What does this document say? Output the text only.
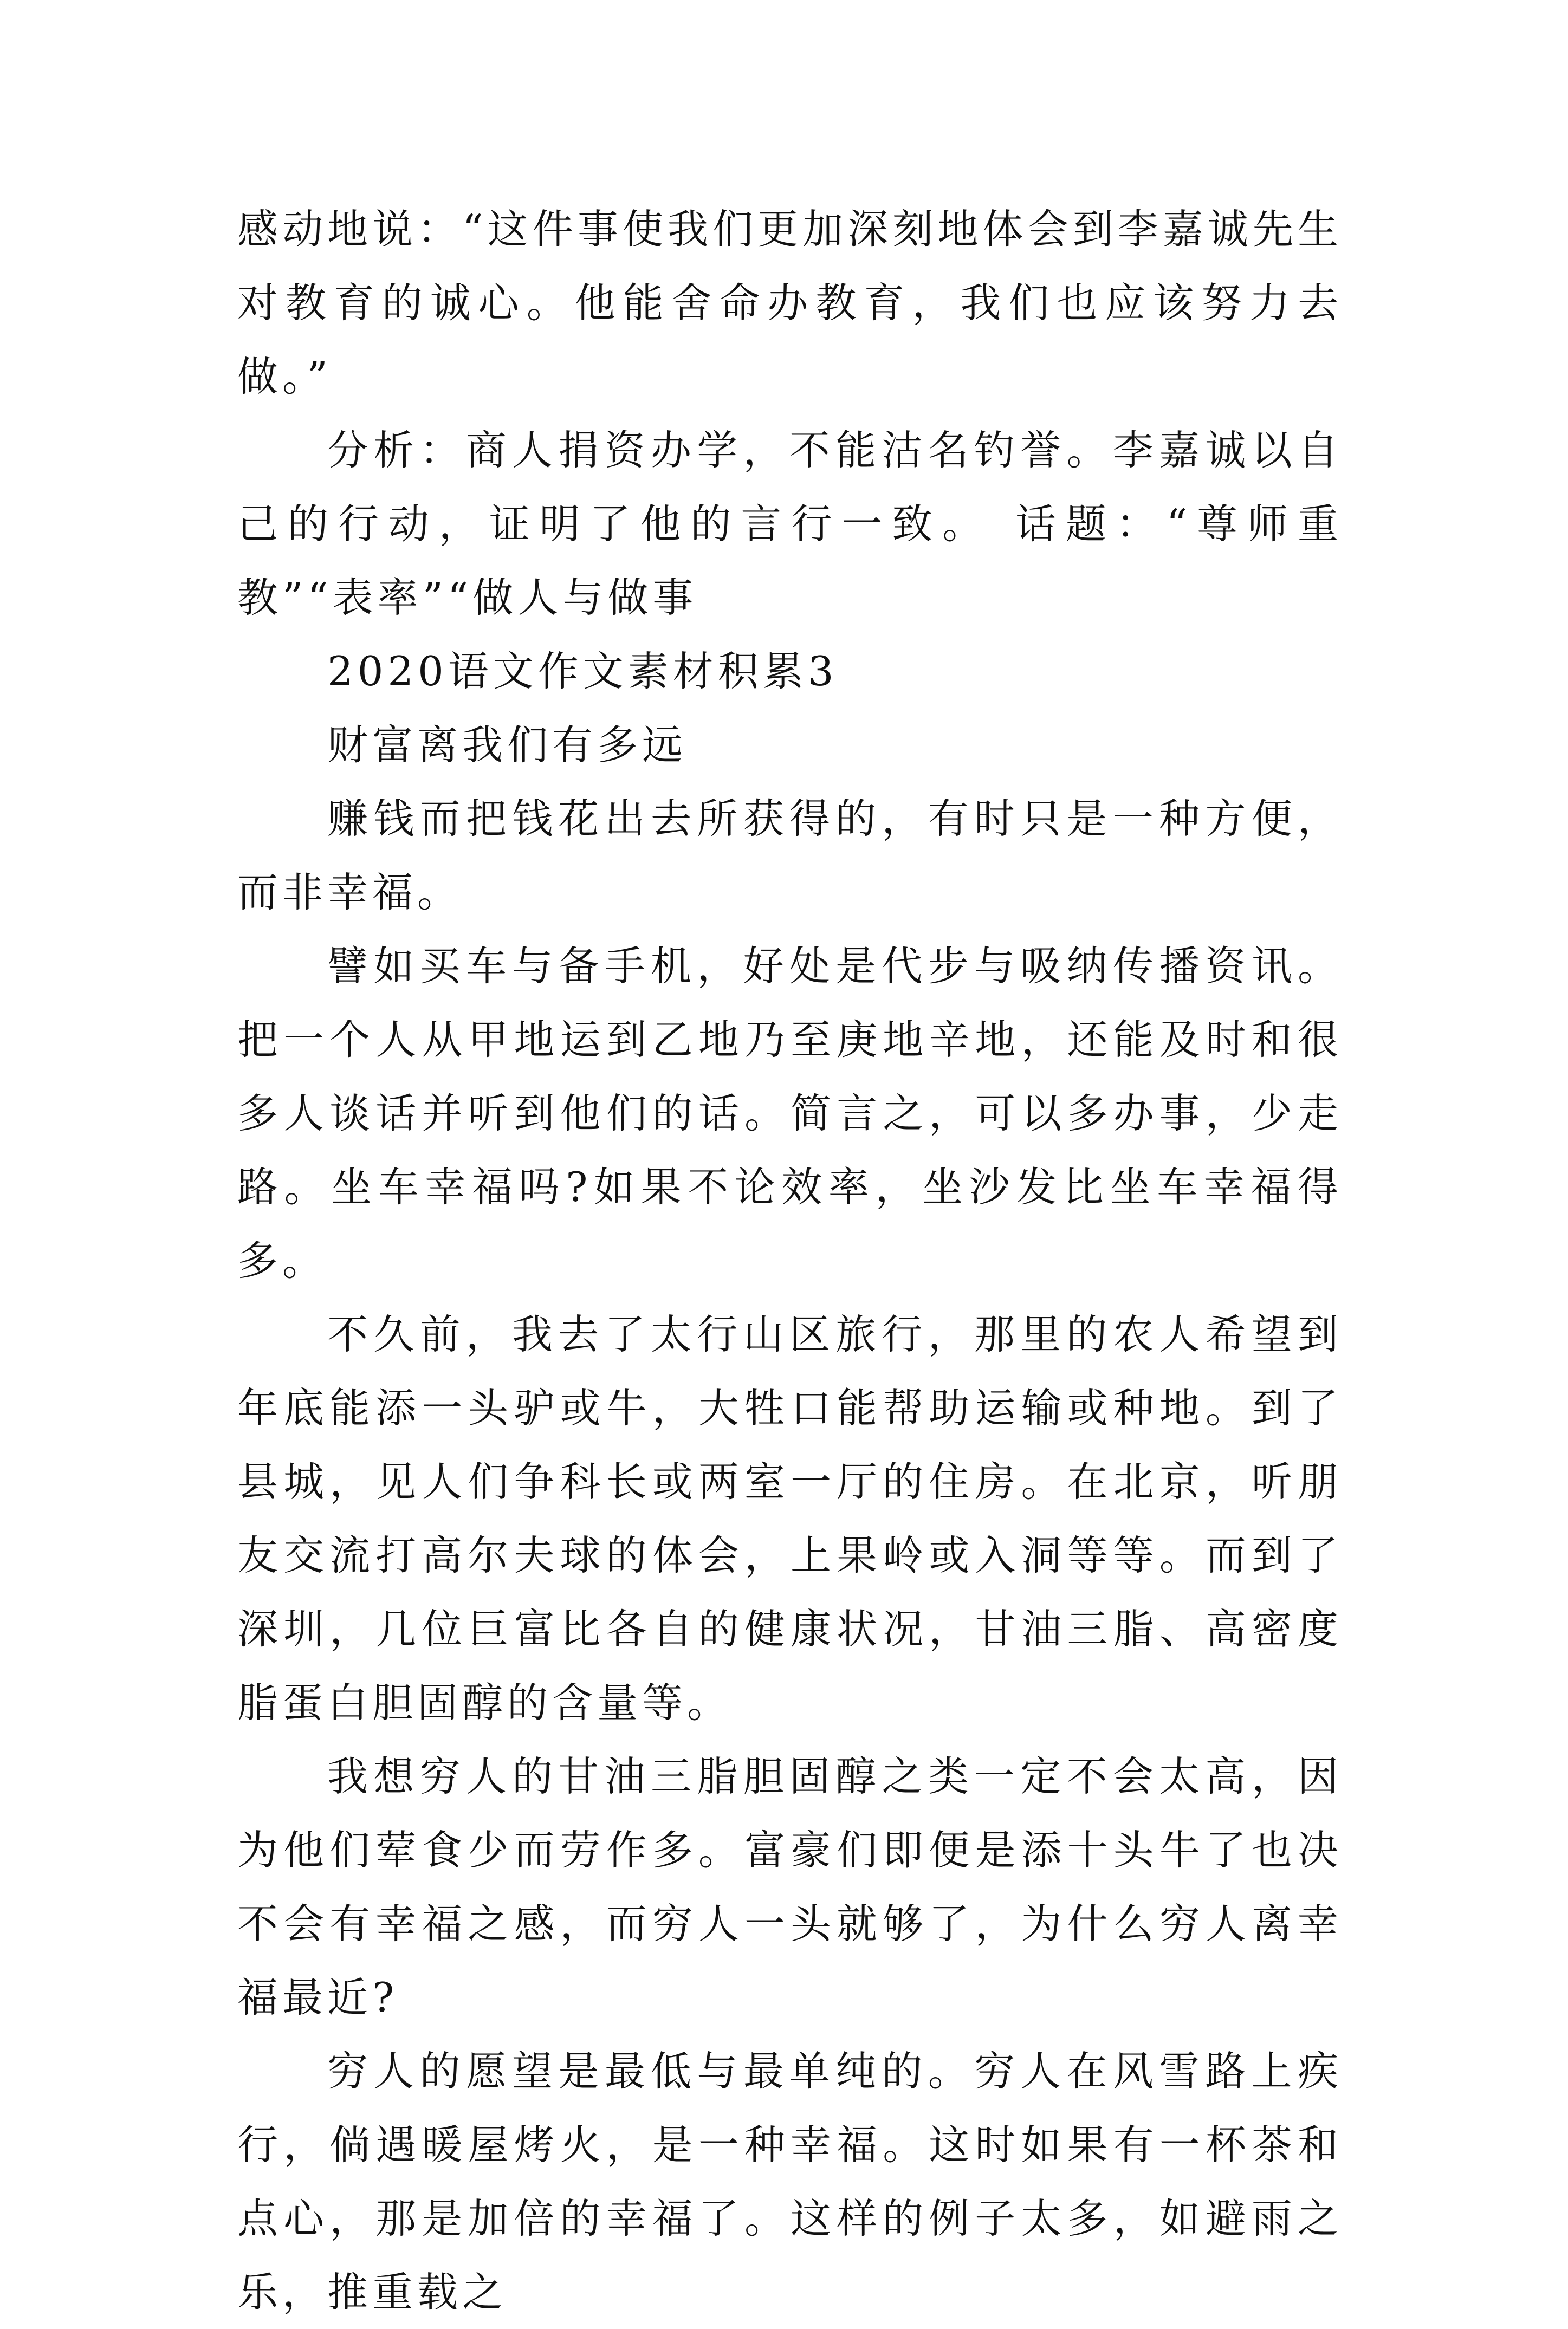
感动地说：“这件事使我们更加深刻地体会到李嘉诚先生对教育的诚心。他能舍命办教育，我们也应该努力去做。”

分析：商人捐资办学，不能沽名钓誉。李嘉诚以自己的行动，证明了他的言行一致。 话题：“尊师重教”“表率”“做人与做事

2020语文作文素材积累3

财富离我们有多远

赚钱而把钱花出去所获得的，有时只是一种方便，而非幸福。

譬如买车与备手机，好处是代步与吸纳传播资讯。把一个人从甲地运到乙地乃至庚地辛地，还能及时和很多人谈话并听到他们的话。简言之，可以多办事，少走路。坐车幸福吗?如果不论效率，坐沙发比坐车幸福得多。

不久前，我去了太行山区旅行，那里的农人希望到年底能添一头驴或牛，大牲口能帮助运输或种地。到了县城，见人们争科长或两室一厅的住房。在北京，听朋友交流打高尔夫球的体会，上果岭或入洞等等。而到了深圳，几位巨富比各自的健康状况，甘油三脂、高密度脂蛋白胆固醇的含量等。

我想穷人的甘油三脂胆固醇之类一定不会太高，因为他们荤食少而劳作多。富豪们即便是添十头牛了也决不会有幸福之感，而穷人一头就够了，为什么穷人离幸福最近?

穷人的愿望是最低与最单纯的。穷人在风雪路上疾行，倘遇暖屋烤火，是一种幸福。这时如果有一杯茶和点心，那是加倍的幸福了。这样的例子太多，如避雨之乐，推重载之
